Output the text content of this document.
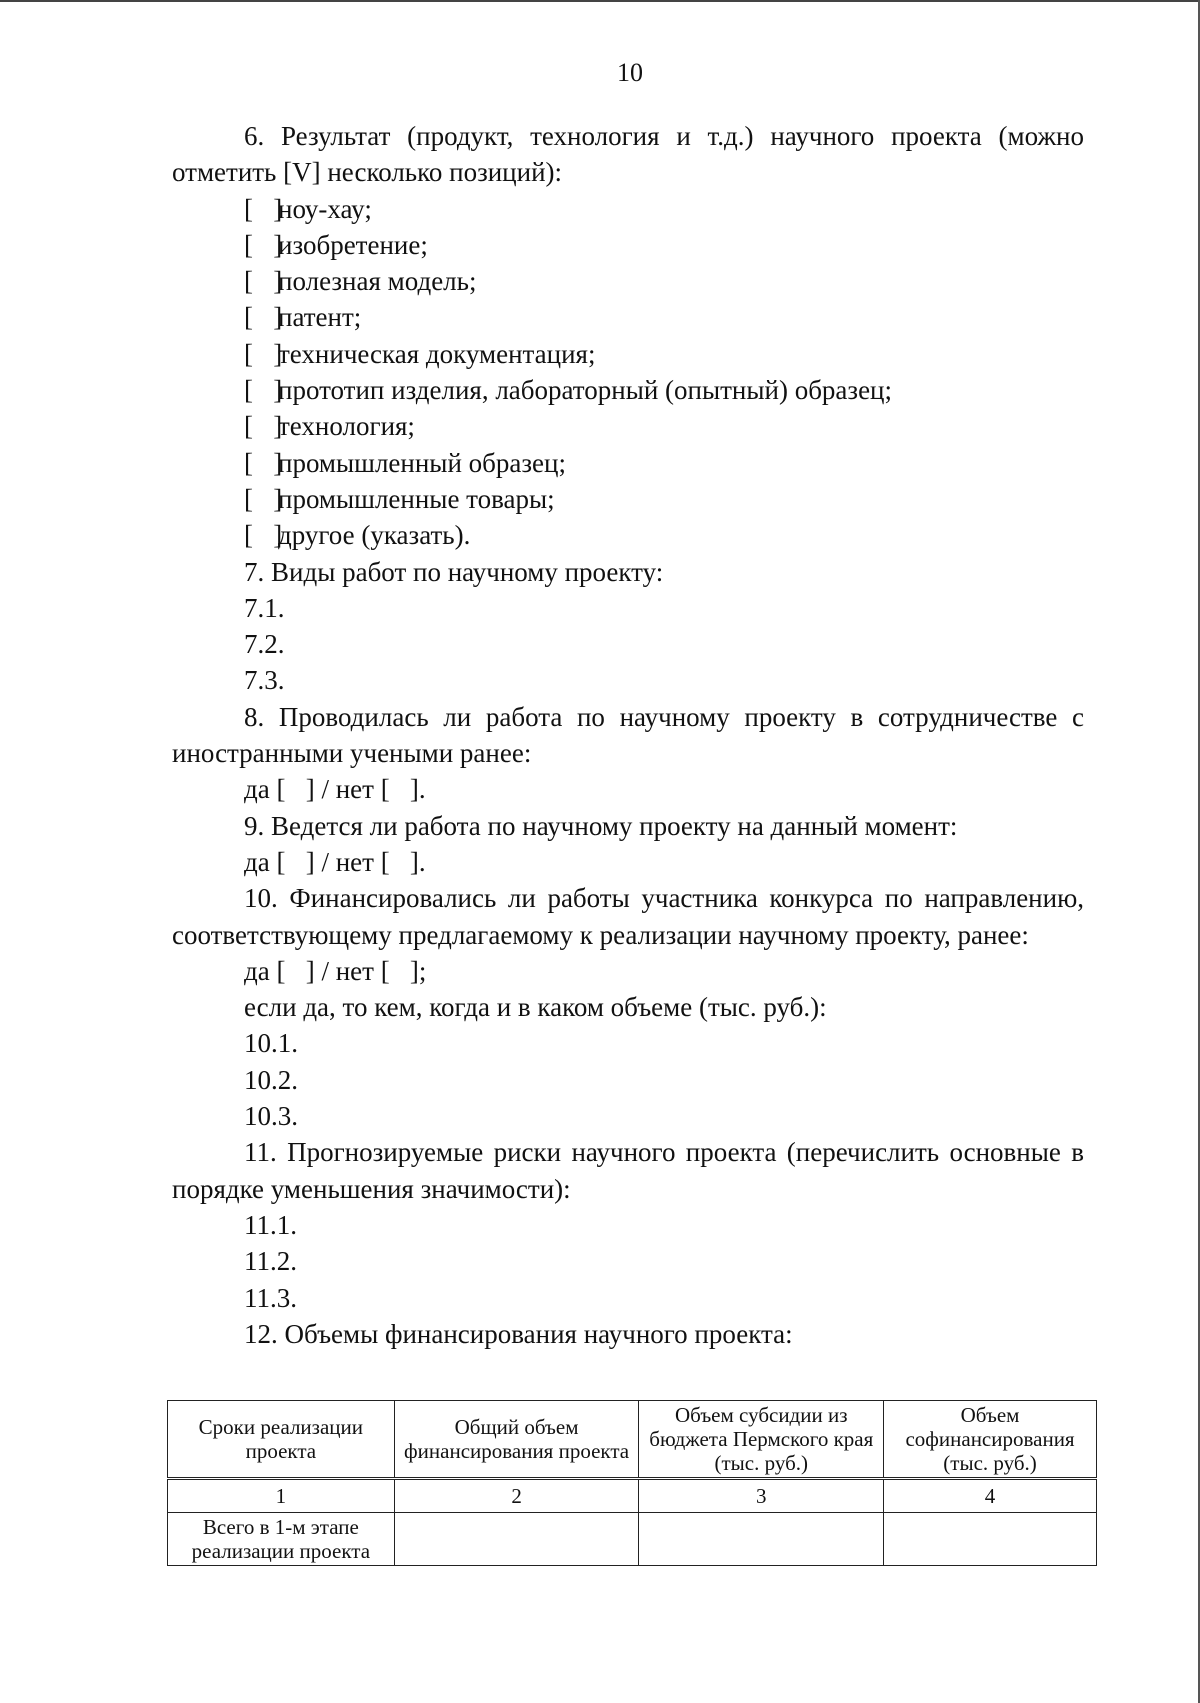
10

6. Результат (продукт, технология и т.д.) научного проекта (можно отметить [V] несколько позиций):

[   ]ноу-хау;

[   ]изобретение;

[   ]полезная модель;

[   ]патент;

[   ]техническая документация;

[   ]прототип изделия, лабораторный (опытный) образец;

[   ]технология;

[   ]промышленный образец;

[   ]промышленные товары;

[   ]другое (указать).

7. Виды работ по научному проекту:

7.1.

7.2.

7.3.

8. Проводилась ли работа по научному проекту в сотрудничестве с иностранными учеными ранее:

да [   ] / нет [   ].

9. Ведется ли работа по научному проекту на данный момент:

да [   ] / нет [   ].

10. Финансировались ли работы участника конкурса по направлению, соответствующему предлагаемому к реализации научному проекту, ранее:

да [   ] / нет [   ];

если да, то кем, когда и в каком объеме (тыс. руб.):

10.1.

10.2.

10.3.

11. Прогнозируемые риски научного проекта (перечислить основные в порядке уменьшения значимости):

11.1.

11.2.

11.3.

12. Объемы финансирования научного проекта:

Сроки реализации проекта	Общий объем финансирования проекта	Объем субсидии из бюджета Пермского края (тыс. руб.)	Объем софинансирования (тыс. руб.)
1	2	3	4
Всего в 1-м этапе реализации проекта			
